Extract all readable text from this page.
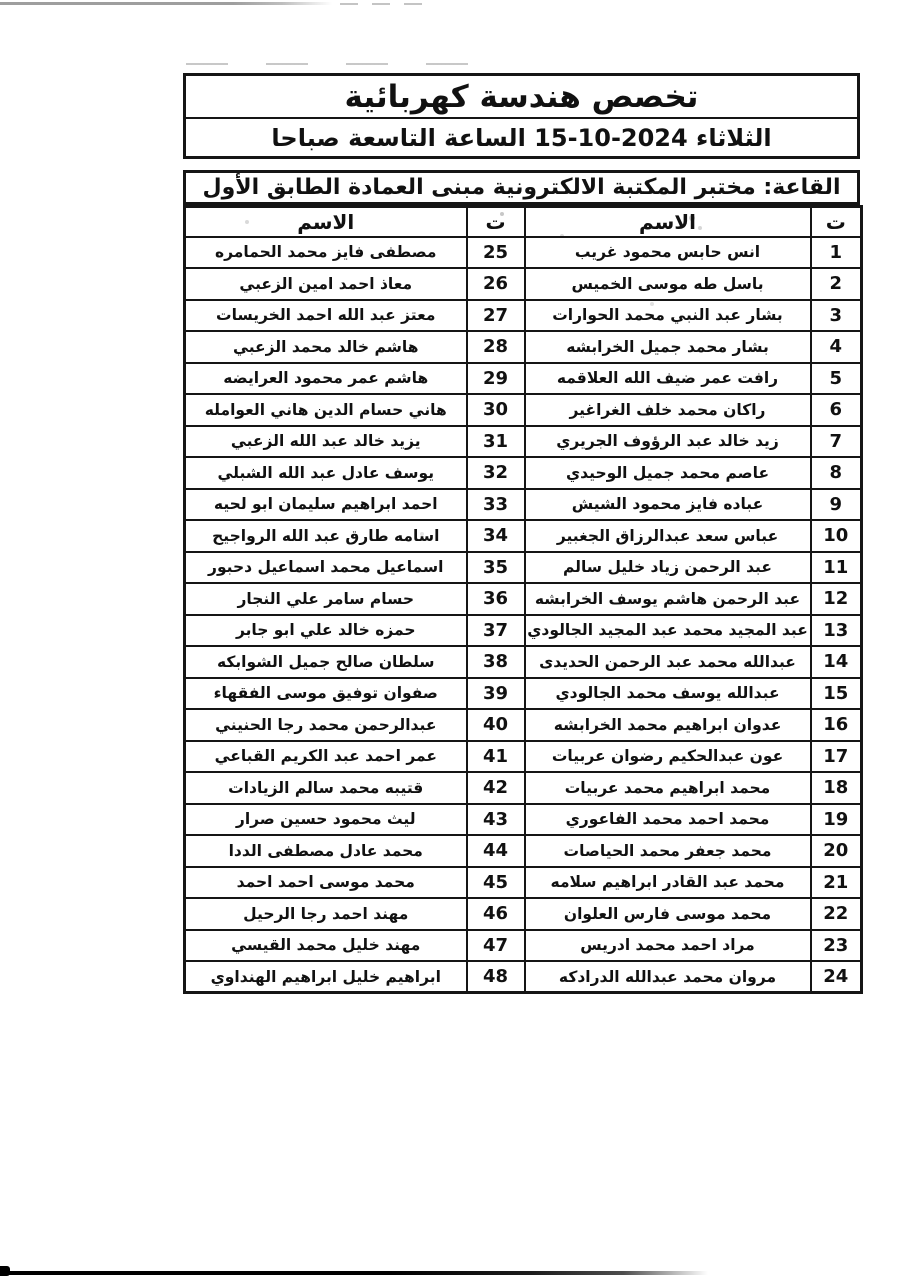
تخصص هندسة كهربائية
الثلاثاء 2024-10-15 الساعة التاسعة صباحا
القاعة: مختبر المكتبة الالكترونية مبنى العمادة الطابق الأول
ت	الاسم	ت	الاسم
1	انس حابس محمود غريب	25	مصطفى فايز محمد الحمامره
2	باسل طه موسى الخميس	26	معاذ احمد امين الزعبي
3	بشار عبد النبي محمد الحوارات	27	معتز عبد الله احمد الخريسات
4	بشار محمد جميل الخرابشه	28	هاشم خالد محمد الزعبي
5	رافت عمر ضيف الله العلاقمه	29	هاشم عمر محمود العرايضه
6	راكان محمد خلف الغراغير	30	هاني حسام الدين هاني العوامله
7	زيد خالد عبد الرؤوف الجريري	31	يزيد خالد عبد الله الزعبي
8	عاصم محمد جميل الوحيدي	32	يوسف عادل عبد الله الشبلي
9	عباده فايز محمود الشيش	33	احمد ابراهيم سليمان ابو لحيه
10	عباس سعد عبدالرزاق الجغبير	34	اسامه طارق عبد الله الرواجيح
11	عبد الرحمن زياد خليل سالم	35	اسماعيل محمد اسماعيل دحبور
12	عبد الرحمن هاشم يوسف الخرابشه	36	حسام سامر علي النجار
13	عبد المجيد محمد عبد المجيد الجالودي	37	حمزه خالد علي ابو جابر
14	عبدالله محمد عبد الرحمن الحديدى	38	سلطان صالح جميل الشوابكه
15	عبدالله يوسف محمد الجالودي	39	صفوان توفيق موسى الفقهاء
16	عدوان ابراهيم محمد الخرابشه	40	عبدالرحمن محمد رجا الحنيني
17	عون عبدالحكيم رضوان عربيات	41	عمر احمد عبد الكريم القباعي
18	محمد ابراهيم محمد عربيات	42	قتيبه محمد سالم الزيادات
19	محمد احمد محمد الفاعوري	43	ليث محمود حسين صرار
20	محمد جعفر محمد الحياصات	44	محمد عادل مصطفى الددا
21	محمد عبد القادر ابراهيم سلامه	45	محمد موسى احمد احمد
22	محمد موسى فارس العلوان	46	مهند احمد رجا الرحيل
23	مراد احمد محمد ادريس	47	مهند خليل محمد القيسي
24	مروان محمد عبدالله الدرادكه	48	ابراهيم خليل ابراهيم الهنداوي
